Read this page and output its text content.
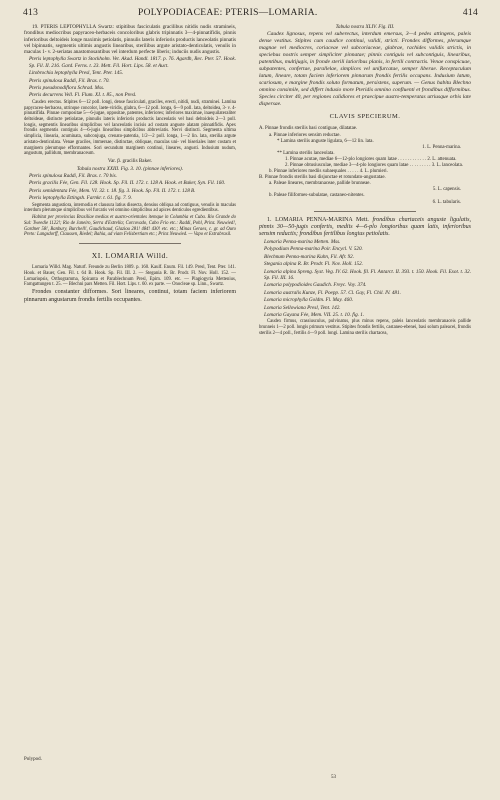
413	POLYPODIACEAE: PTERIS—LOMARIA.	414

19. PTERIS LEPTOPHYLLA Swartz: stipitibus fasciculatis gracilibus nitidis nudis stramineis, frondibus mediocribus papyraceo-herbaceis concoloribus glabris tripinnatis 3—4-pinnatifidis, pinnis inferioribus deltoideis longe maximis petiolatis, pinnulis lateris inferioris productis lanceolatis pinnatis vel bipinnatis, segmentis ultimis angustis linearibus, sterilibus argute aristato-denticulatis, venulis in maculas 1- v. 2-seriatas anastomosantibus vel interdum perfecte liberis; induciis nudis angustis.

Pteris leptophylla Swartz in Stockholm. Vet. Akad. Handl. 1817. p. 76. Agardh, Rec. Pter. 57. Hook. Sp. Fil. II. 216. Gard. Ferns. t. 23. Mett. Fil. Hort. Lips. 58. et Auct.

Litobrochia leptophylla Presl, Tent. Pter. 145.

Pteris spinulosa Raddi, Fil. Bras. t. 70.

Pteris pseudonodiflora Schrad. Mss.

Pteris decurrens Vell. Fl. Flum. XI. t. 85., non Presl.

Caudex erectus. Stipites 6—12 poll. longi, dense fasciculati, graciles, erecti, nitidi, nudi, straminei. Lamina papyraceo-herbacea, utrinque concolor, laete-viridis, glabra, 6—12 poll. longa, 6—9 poll. lata, deltoidea, 3- v. 4-pinnatifida. Pinnae compositae 5—6-jugae, oppositae, patentes, inferiores; inferiores maximae, inaequilateraliter deltoideae, distincte petiolatae, pinnulis lateris inferioris productis lanceolatis vel basi deltoideis 2—3 poll. longis, segmentis linearibus simplicibus vel lanceolatis incisis ad costam angustе alatam pinnatifidis. Apex frondis segmentis contiguis 4—6-jugis linearibus simplicibus abbreviatis. Nervi distincti. Segmenta ultima simplicia, linearia, acuminata, subconjuga, crenato-patentia, 1/2—2 poll. longa, 1—2 lin. lata, sterilia argute aristato-denticulata. Venae graciles, immersae, distinctae, obliquae, maculas uni- vel biseriales inter costam et marginem plerumque efformantes. Sori secundum marginem continui, lineares, angusti. Indusium nudum, angustum, pallidum, membranaceum.

Var. β. gracilis Baker.

Tabula nostra XXIII. Fig. 3. 10. (pinnae inferiores).

Pteris spinulosa Raddi, Fil. Bras. t. 70 bis.

Pteris gracilis Fée, Gen. Fil. 128. Hook. Sp. Fil. II. 172. t. 128 A. Hook. et Baker, Syn. Fil. 160.

Pteris semidentata Fée, Mem. VI. 32. t. 18. fig. 3. Hook. Sp. Fil. II. 172. t. 128 B.

Pteris leptophylla Ettingsh. Farnkr. t. 61. fig. 7. 9.

Segmenta angustiora, internodia et clausura latius dissecta, densius obliqua ad contiguus, venulis in maculas interdum plerumque simplicibus vel furcatis vel omnino simplicibus ad apices denticulos egredientibus.

Habitat per provincias Brasiliae medias et austro-orientales itemque in Columbia et Cuba. Rio Grande do Sul: Tweedie 1122!; Rio de Janeiro, Serra d'Estrella; Corcovado, Cabo Frio etc.: Raddi, Pohl, Prinz. Neuwied!, Gardner 58!, Banbury, Burchell!, Gaudichaud, Glaziou 281! 484! 430! etc. etc.; Minas Geraes, c. gr. ad Ouro Preto: Langsdorff, Claussen, Riedel; Bahia, ad viam Felisbertiam etc.; Prinz Neuwied. — Vapo et Extrabrasil.

XI. LOMARIA Willd.

Lomaria Willd. Mag. Naturf. Freunde zu Berlin 1809. p. 160. Kaulf. Enum. Fil. 149. Presl, Tent. Pter. 141. Hook. et Bauer, Gen. Fil. t. 64 B. Hook. Sp. Fil. III. 2. — Stegania R. Br. Prodr. Fl. Nov. Holl. 152. — Lomariopsis, Orthogramma, Spicanta et Parablechnum Presl, Epim. 109. etc. — Plagiogyria Mettenius, Farngattungen t. 25. — Blechni pars Metten. Fil. Hort. Lips. t. 60. ex parte. — Onocleae sp. Linn., Swartz.

Frondes constanter difformes. Sori lineares, continui, totam faciem inferiorem pinnarum angustarum frondis fertilis occupantes.

Polypod.

Tabula nostra XLIV. Fig. III.

Caudex lignosus, repens vel suberectus, interdum emersus, 3—4 pedes attingens, paleis dense vestitus. Stipites cum caudice continui, validi, stricti. Frondes difformes, plerumque magnae vel mediocres, coriaceae vel subcoriaceae, glabrae, rachides validis strictis, in speciebus nostris semper simpliciter pinnatae; pinnis contiguis vel subcontiguis, linearibus, patentibus, multijugis, in fronde sterili latioribus planis, in fertili contractis. Venae conspicuae, subpatentes, confertae, parallelae, simplices vel unifurcatae, semper liberae. Receptaculum latum, lineare, totam faciem inferiorem pinnarum frondis fertilis occupans. Indusium latum, scariosum, e margine frondis soluto formatum, persistens, superum. — Genus habitu Blechno omnino consimile, sed differt indusio more Pteridis omnino confluenti et frondibus difformibus. Species circiter 40, per regiones calidiores et praecipue austro-temperatas utriusque orbis late dispersae.

CLAVIS SPECIERUM.
A. Pinnae frondis sterilis basi contiguae, dilatatae.
a. Pinnae inferiores sensim reductae.
* Lamina sterilis angustе ligulata, 6—12 lin. lata.
1. L. Penna-marina.
** Lamina sterilis lanceolata.
1. Pinnae acutae, mediae 6—12-plo longiores quam latae . . . . . . . . . . . . 2. L. attenuata.
2. Pinnae obtusiusculae, mediae 3—4-plo longiores quam latae . . . . . . . . . 3. L. lanceolata.
b. Pinnae inferiores mediis subaequales . . . . . 4. L. plumieri.
B. Pinnae frondis sterilis basi disjunctae et rotundato-angustatae.
a. Paleae lineares, membranaceae, pallide brunneae.
5. L. capensis.
b. Paleae filiformes-subulatae, castaneo-nitentes.
6. L. tabularis.

1. LOMARIA PENNA-MARINA Mett. frondibus chartaceis anguste ligulatis, pinnis 30—50-jugis confertis, mediis 4—6-plo longioribus quam latis, inferioribus sensim reductis; frondibus fertilibus longius petiolatis.

Lomaria Penna-marina Metten. Mss.

Polypodium Penna-marina Poir. Encycl. V. 520.

Blechnum Penna-marina Kuhn, Fil. Afr. 92.

Stegania alpina R. Br. Prodr. Fl. Nov. Holl. 152.

Lomaria alpina Spreng. Syst. Veg. IV. 62. Hook. fil. Fl. Antarct. II. 393. t. 150. Hook. Fil. Exot. t. 32. Sp. Fil. III. 16.

Lomaria polypodioides Gaudich. Freyc. Voy. 374.

Lomaria australis Kunze, Fl. Poepp. 57. Cl. Gay, Fl. Chil. IV. 481.

Lomaria microphylla Goldm. Fl. May. 460.

Lomaria Sellowiana Presl, Tent. 142.

Lomaria Gayana Fée, Mem. VII. 25. t. 10. fig. 1.

Caudex firmus, crassiusculus, pulvinatus, plus minus repens, paleis lanceolatis membranaceis pallide brunneis 1—2 poll. longis primum vestitus. Stipites frondis fertilis, castaneo-ebenei, basi solum paleacei, frondis sterilis 2—4 poll., fertilis 4—9 poll. longi. Lamina sterilis chartacea,

53
